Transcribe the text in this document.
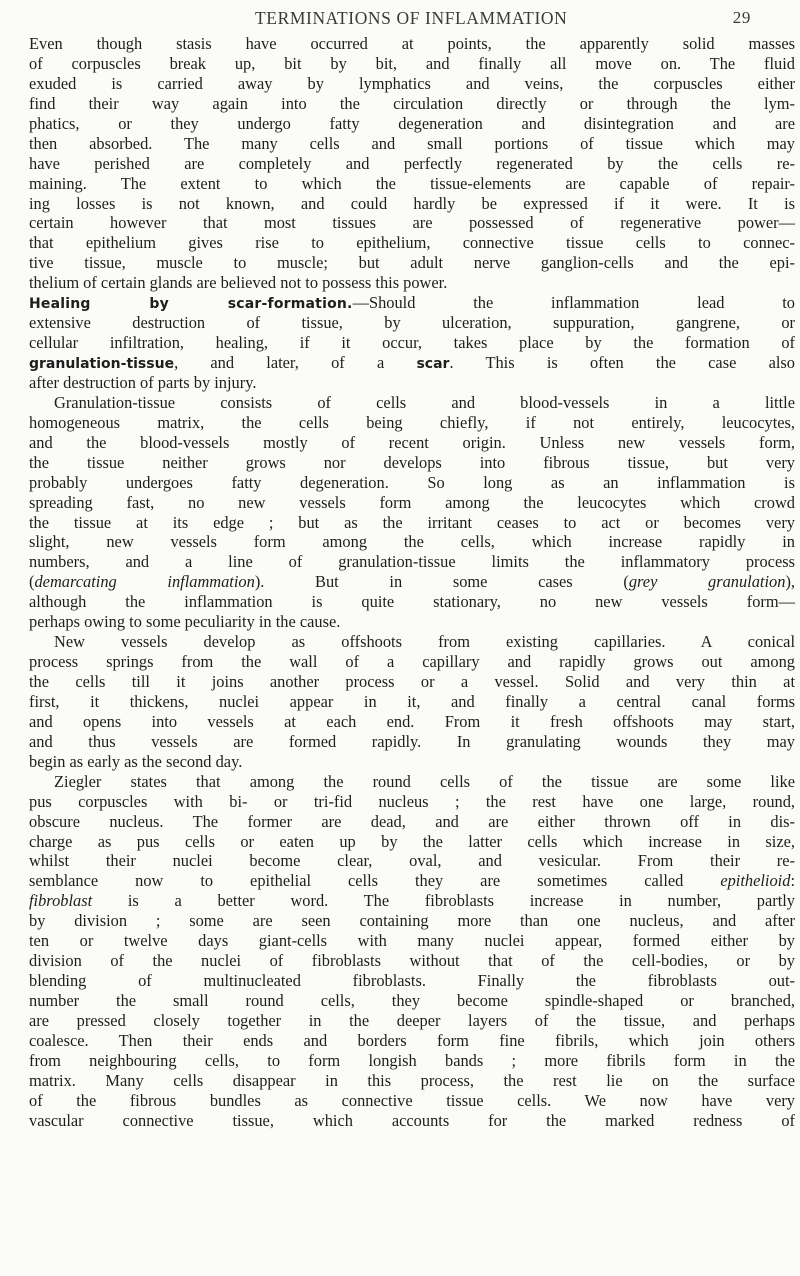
TERMINATIONS OF INFLAMMATION	29
Even though stasis have occurred at points, the apparently solid masses
of corpuscles break up, bit by bit, and finally all move on. The fluid
exuded is carried away by lymphatics and veins, the corpuscles either
find their way again into the circulation directly or through the lym-
phatics, or they undergo fatty degeneration and disintegration and are
then absorbed. The many cells and small portions of tissue which may
have perished are completely and perfectly regenerated by the cells re-
maining. The extent to which the tissue-elements are capable of repair-
ing losses is not known, and could hardly be expressed if it were. It is
certain however that most tissues are possessed of regenerative power—
that epithelium gives rise to epithelium, connective tissue cells to connec-
tive tissue, muscle to muscle; but adult nerve ganglion-cells and the epi-
thelium of certain glands are believed not to possess this power.
Healing by scar-formation.—Should the inflammation lead to
extensive destruction of tissue, by ulceration, suppuration, gangrene, or
cellular infiltration, healing, if it occur, takes place by the formation of
granulation-tissue, and later, of a scar. This is often the case also
after destruction of parts by injury.
Granulation-tissue consists of cells and blood-vessels in a little
homogeneous matrix, the cells being chiefly, if not entirely, leucocytes,
and the blood-vessels mostly of recent origin. Unless new vessels form,
the tissue neither grows nor develops into fibrous tissue, but very
probably undergoes fatty degeneration. So long as an inflammation is
spreading fast, no new vessels form among the leucocytes which crowd
the tissue at its edge ; but as the irritant ceases to act or becomes very
slight, new vessels form among the cells, which increase rapidly in
numbers, and a line of granulation-tissue limits the inflammatory process
(demarcating inflammation). But in some cases (grey granulation),
although the inflammation is quite stationary, no new vessels form—
perhaps owing to some peculiarity in the cause.
New vessels develop as offshoots from existing capillaries. A conical
process springs from the wall of a capillary and rapidly grows out among
the cells till it joins another process or a vessel. Solid and very thin at
first, it thickens, nuclei appear in it, and finally a central canal forms
and opens into vessels at each end. From it fresh offshoots may start,
and thus vessels are formed rapidly. In granulating wounds they may
begin as early as the second day.
Ziegler states that among the round cells of the tissue are some like
pus corpuscles with bi- or tri-fid nucleus ; the rest have one large, round,
obscure nucleus. The former are dead, and are either thrown off in dis-
charge as pus cells or eaten up by the latter cells which increase in size,
whilst their nuclei become clear, oval, and vesicular. From their re-
semblance now to epithelial cells they are sometimes called epithelioid:
fibroblast is a better word. The fibroblasts increase in number, partly
by division ; some are seen containing more than one nucleus, and after
ten or twelve days giant-cells with many nuclei appear, formed either by
division of the nuclei of fibroblasts without that of the cell-bodies, or by
blending of multinucleated fibroblasts. Finally the fibroblasts out-
number the small round cells, they become spindle-shaped or branched,
are pressed closely together in the deeper layers of the tissue, and perhaps
coalesce. Then their ends and borders form fine fibrils, which join others
from neighbouring cells, to form longish bands ; more fibrils form in the
matrix. Many cells disappear in this process, the rest lie on the surface
of the fibrous bundles as connective tissue cells. We now have very
vascular connective tissue, which accounts for the marked redness of
